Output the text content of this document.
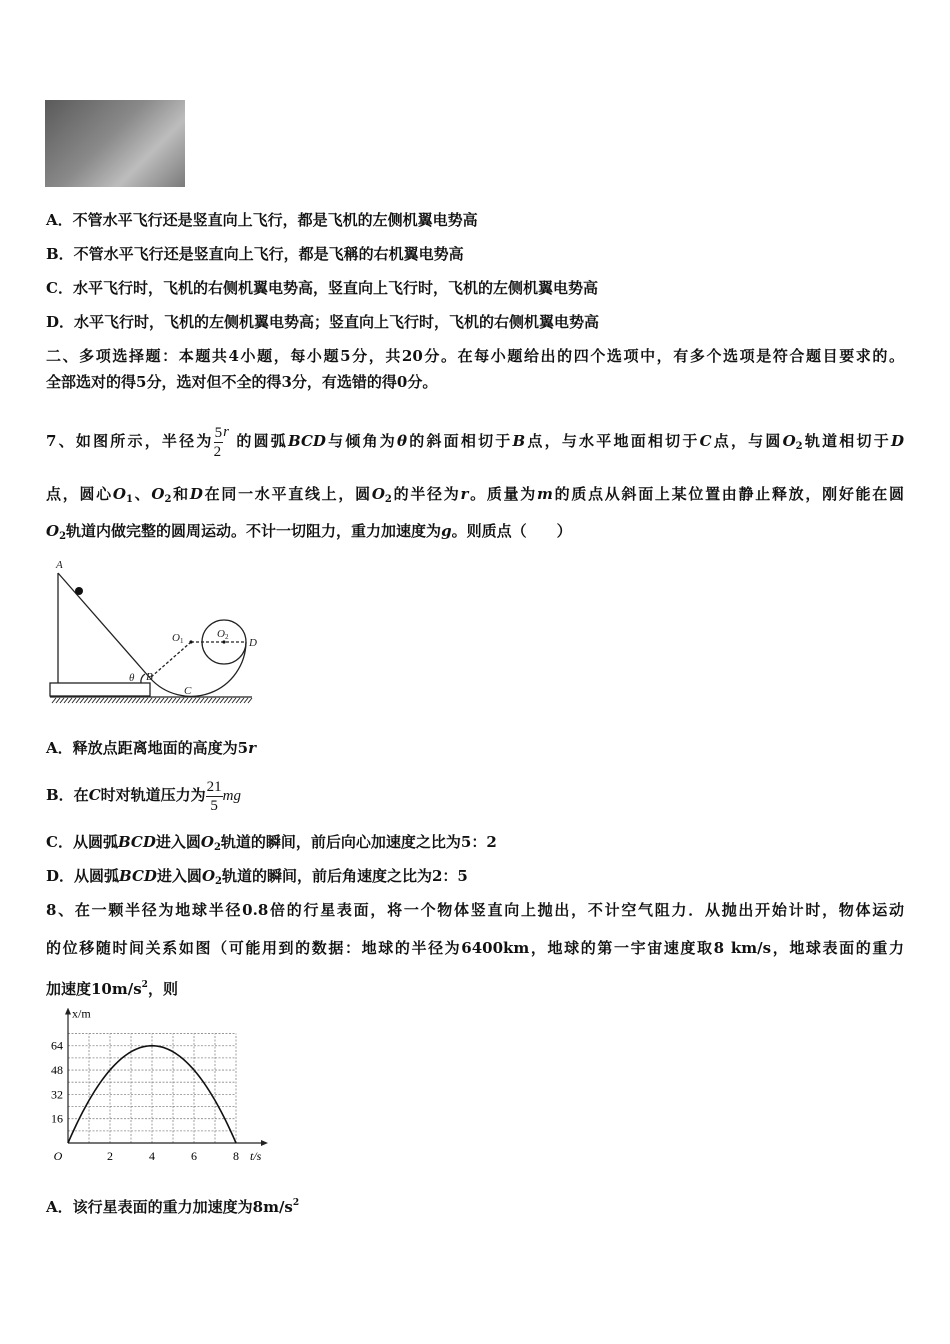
A．不管水平飞行还是竖直向上飞行，都是飞机的左侧机翼电势高
B．不管水平飞行还是竖直向上飞行，都是飞稱的右机翼电势高
C．水平飞行时，飞机的右侧机翼电势高，竖直向上飞行时，飞机的左侧机翼电势高
D．水平飞行时，飞机的左侧机翼电势高；竖直向上飞行时，飞机的右侧机翼电势高
二、多项选择题：本题共4小题，每小题5分，共20分。在每小题给出的四个选项中，有多个选项是符合题目要求的。
全部选对的得5分，选对但不全的得3分，有选错的得0分。
7、如图所示，半径为 $\frac{5}{2}$ r 的圆弧BCD与倾角为θ的斜面相切于B点，与水平地面相切于C点，与圆$O_2$轨道相切于D
点，圆心$O_1$、$O_2$和D在同一水平直线上，圆$O_2$的半径为r。质量为m的质点从斜面上某位置由静止释放，刚好能在圆
$O_2$轨道内做完整的圆周运动。不计一切阻力，重力加速度为g。则质点（　　）
A
B
C
D
θ
O 1
O 2
A．释放点距离地面的高度为5r
B．在C时对轨道压力为 $\frac{21}{5}$ mg
C．从圆弧BCD进入圆$O_2$轨道的瞬间，前后向心加速度之比为5：2
D．从圆弧BCD进入圆$O_2$轨道的瞬间，前后角速度之比为2：5
8、在一颗半径为地球半径0.8倍的行星表面，将一个物体竖直向上抛出，不计空气阻力．从抛出开始计时，物体运动
的位移随时间关系如图（可能用到的数据：地球的半径为6400km，地球的第一宇宙速度取8 km/s，地球表面的重力
加速度$10m/s^2$，则
2	4	6	8
16
32
48
64
O	t/s
x/m
A．该行星表面的重力加速度为$8m/s^2$
